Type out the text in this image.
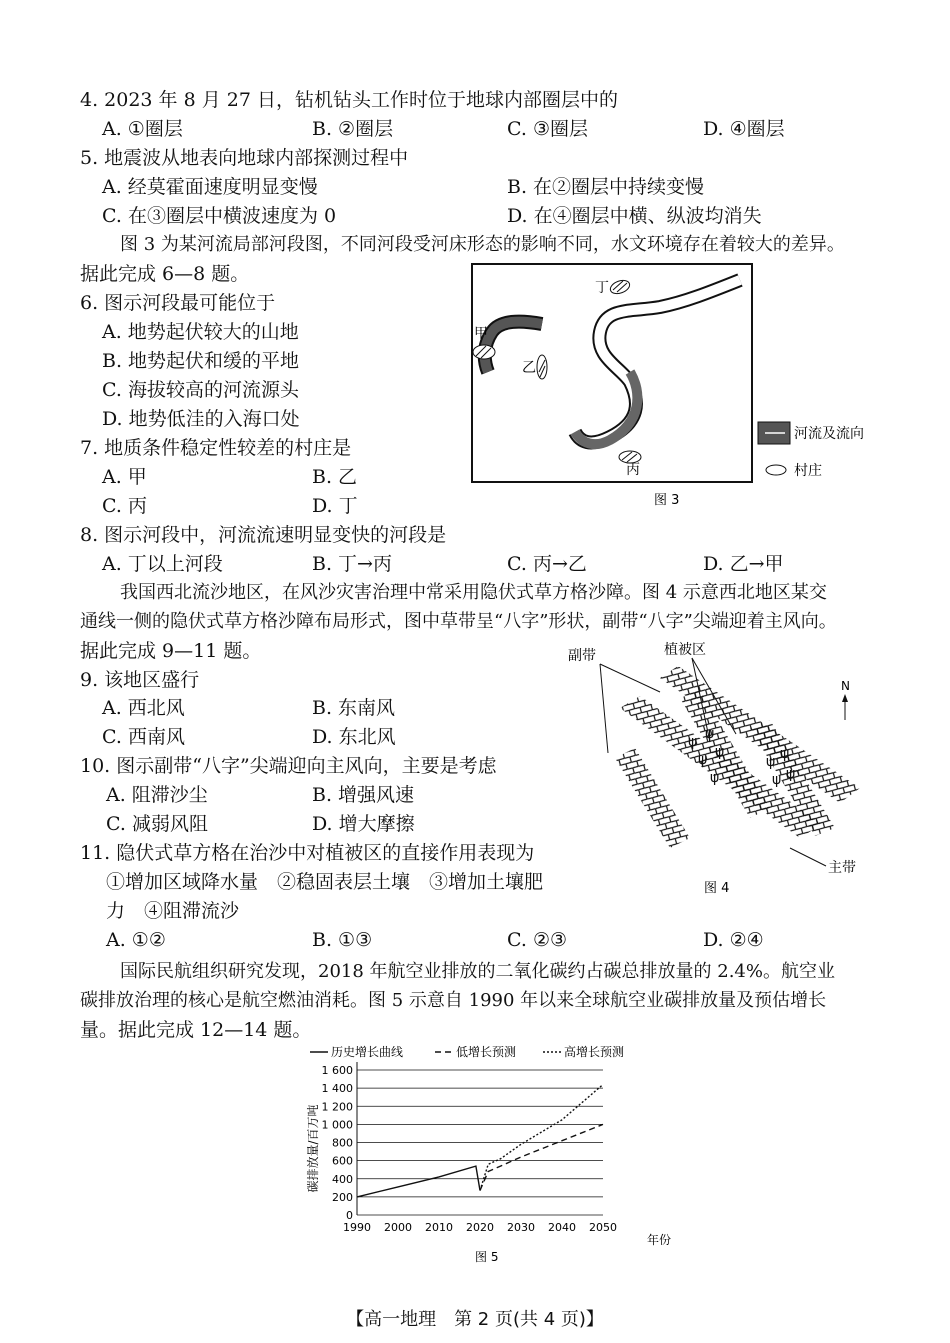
4. 2023 年 8 月 27 日，钻机钻头工作时位于地球内部圈层中的
A. ①圈层	B. ②圈层	C. ③圈层	D. ④圈层
5. 地震波从地表向地球内部探测过程中
A. 经莫霍面速度明显变慢	B. 在②圈层中持续变慢
C. 在③圈层中横波速度为 0	D. 在④圈层中横、纵波均消失
图 3 为某河流局部河段图，不同河段受河床形态的影响不同，水文环境存在着较大的差异。
据此完成 6—8 题。
6. 图示河段最可能位于
A. 地势起伏较大的山地
B. 地势起伏和缓的平地
C. 海拔较高的河流源头
D. 地势低洼的入海口处
7. 地质条件稳定性较差的村庄是
A. 甲	B. 乙
C. 丙	D. 丁
丁
甲
乙
丙
河流及流向
村庄
图 3
8. 图示河段中，河流流速明显变快的河段是
A. 丁以上河段	B. 丁→丙	C. 丙→乙	D. 乙→甲
我国西北流沙地区，在风沙灾害治理中常采用隐伏式草方格沙障。图 4 示意西北地区某交
通线一侧的隐伏式草方格沙障布局形式，图中草带呈“八字”形状，副带“八字”尖端迎着主风向。
据此完成 9—11 题。
9. 该地区盛行
A. 西北风	B. 东南风
C. 西南风	D. 东北风
10. 图示副带“八字”尖端迎向主风向，主要是考虑
A. 阻滞沙尘	B. 增强风速
C. 减弱风阻	D. 增大摩擦
11. 隐伏式草方格在治沙中对植被区的直接作用表现为
①增加区域降水量　②稳固表层土壤　③增加土壤肥
力　④阻滞流沙
A. ①②	B. ①③	C. ②③	D. ②④
副带	植被区
ψ ψ
ψ ψ
ψ
ψ ψ
ψ ψ
N
主带
图 4
国际民航组织研究发现，2018 年航空业排放的二氧化碳约占碳总排放量的 2.4%。航空业
碳排放治理的核心是航空燃油消耗。图 5 示意自 1990 年以来全球航空业碳排放量及预估增长
量。据此完成 12—14 题。
历史增长曲线	低增长预测	高增长预测
0
200
400
600
800
1 000
1 200
1 400
1 600
1990 2000 2010 2020 2030 2040 2050
碳排放量/百万吨
年份
图 5
【高一地理　第 2 页(共 4 页)】
